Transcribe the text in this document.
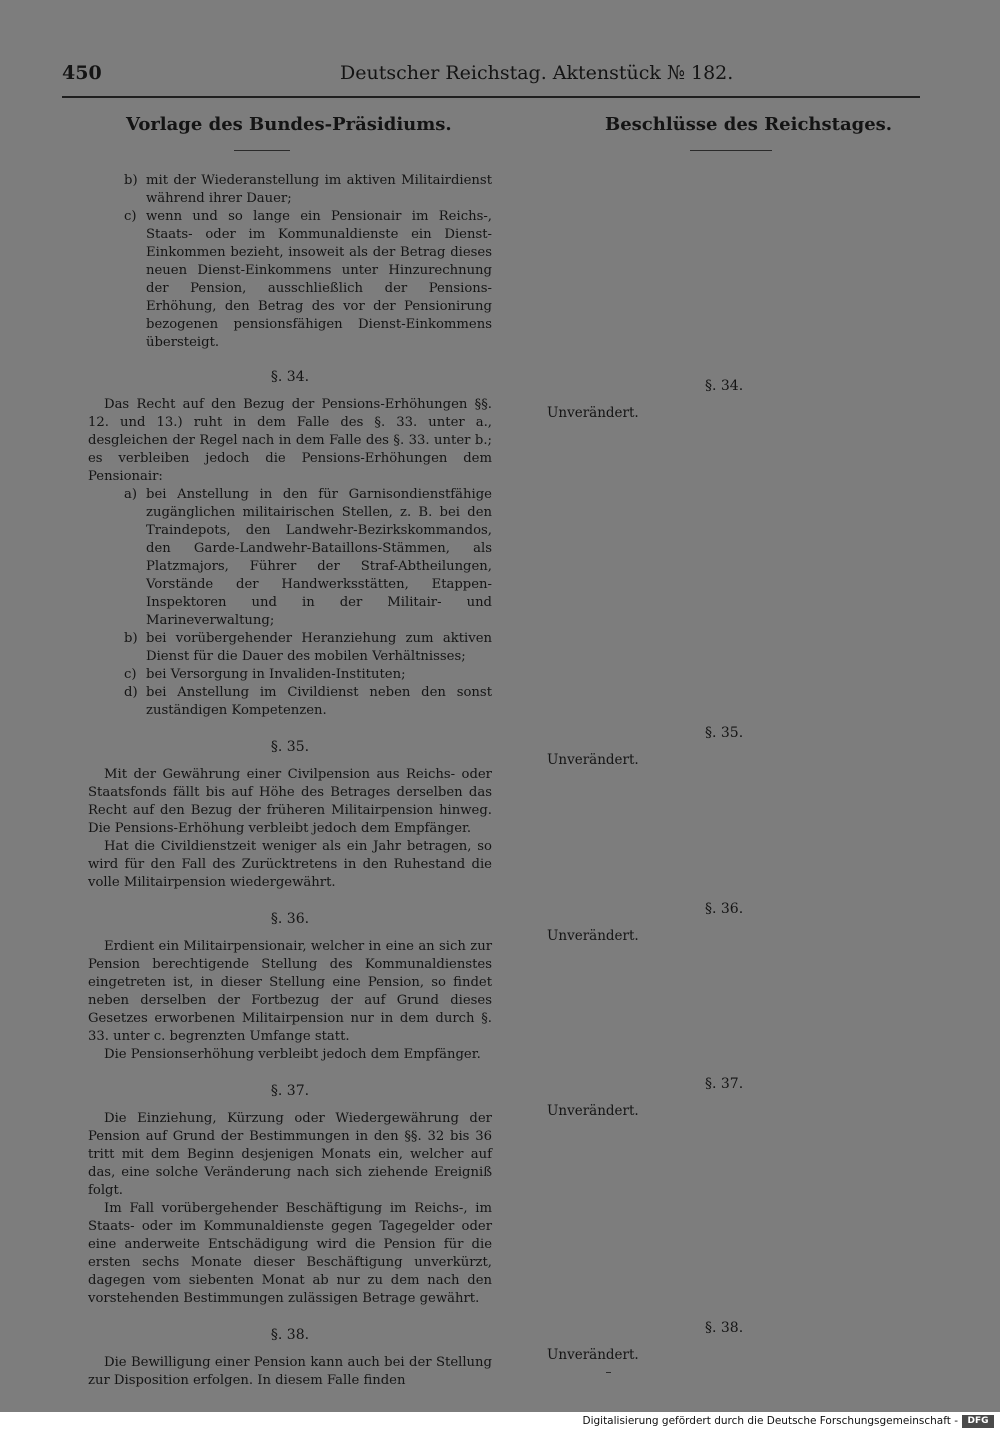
450	Deutscher Reichstag. Aktenstück № 182.
Vorlage des Bundes-Präsidiums.	Beschlüsse des Reichstages.
b) mit der Wiederanstellung im aktiven Militairdienst während ihrer Dauer;
c) wenn und so lange ein Pensionair im Reichs-, Staats- oder im Kommunaldienste ein Dienst-Einkommen bezieht, insoweit als der Betrag dieses neuen Dienst-Einkommens unter Hinzurechnung der Pension, ausschließlich der Pensions-Erhöhung, den Betrag des vor der Pensionirung bezogenen pensionsfähigen Dienst-Einkommens übersteigt.

§. 34.

Das Recht auf den Bezug der Pensions-Erhöhungen §§. 12. und 13.) ruht in dem Falle des §. 33. unter a., desgleichen der Regel nach in dem Falle des §. 33. unter b.; es verbleiben jedoch die Pensions-Erhöhungen dem Pensionair:

a) bei Anstellung in den für Garnisondienstfähige zugänglichen militairischen Stellen, z. B. bei den Traindepots, den Landwehr-Bezirkskommandos, den Garde-Landwehr-Bataillons-Stämmen, als Platzmajors, Führer der Straf-Abtheilungen, Vorstände der Handwerksstätten, Etappen-Inspektoren und in der Militair- und Marineverwaltung;
b) bei vorübergehender Heranziehung zum aktiven Dienst für die Dauer des mobilen Verhältnisses;
c) bei Versorgung in Invaliden-Instituten;
d) bei Anstellung im Civildienst neben den sonst zuständigen Kompetenzen.

§. 35.

Mit der Gewährung einer Civilpension aus Reichs- oder Staatsfonds fällt bis auf Höhe des Betrages derselben das Recht auf den Bezug der früheren Militairpension hinweg. Die Pensions-Erhöhung verbleibt jedoch dem Empfänger.

Hat die Civildienstzeit weniger als ein Jahr betragen, so wird für den Fall des Zurücktretens in den Ruhestand die volle Militairpension wiedergewährt.

§. 36.

Erdient ein Militairpensionair, welcher in eine an sich zur Pension berechtigende Stellung des Kommunaldienstes eingetreten ist, in dieser Stellung eine Pension, so findet neben derselben der Fortbezug der auf Grund dieses Gesetzes erworbenen Militairpension nur in dem durch §. 33. unter c. begrenzten Umfange statt.

Die Pensionserhöhung verbleibt jedoch dem Empfänger.

§. 37.

Die Einziehung, Kürzung oder Wiedergewährung der Pension auf Grund der Bestimmungen in den §§. 32 bis 36 tritt mit dem Beginn desjenigen Monats ein, welcher auf das, eine solche Veränderung nach sich ziehende Ereigniß folgt.

Im Fall vorübergehender Beschäftigung im Reichs-, im Staats- oder im Kommunaldienste gegen Tagegelder oder eine anderweite Entschädigung wird die Pension für die ersten sechs Monate dieser Beschäftigung unverkürzt, dagegen vom siebenten Monat ab nur zu dem nach den vorstehenden Bestimmungen zulässigen Betrage gewährt.

§. 38.

Die Bewilligung einer Pension kann auch bei der Stellung zur Disposition erfolgen. In diesem Falle finden

§. 34.
Unverändert.
§. 35.
Unverändert.
§. 36.
Unverändert.
§. 37.
Unverändert.
§. 38.
Unverändert.
Digitalisierung gefördert durch die Deutsche Forschungsgemeinschaft -	DFG
